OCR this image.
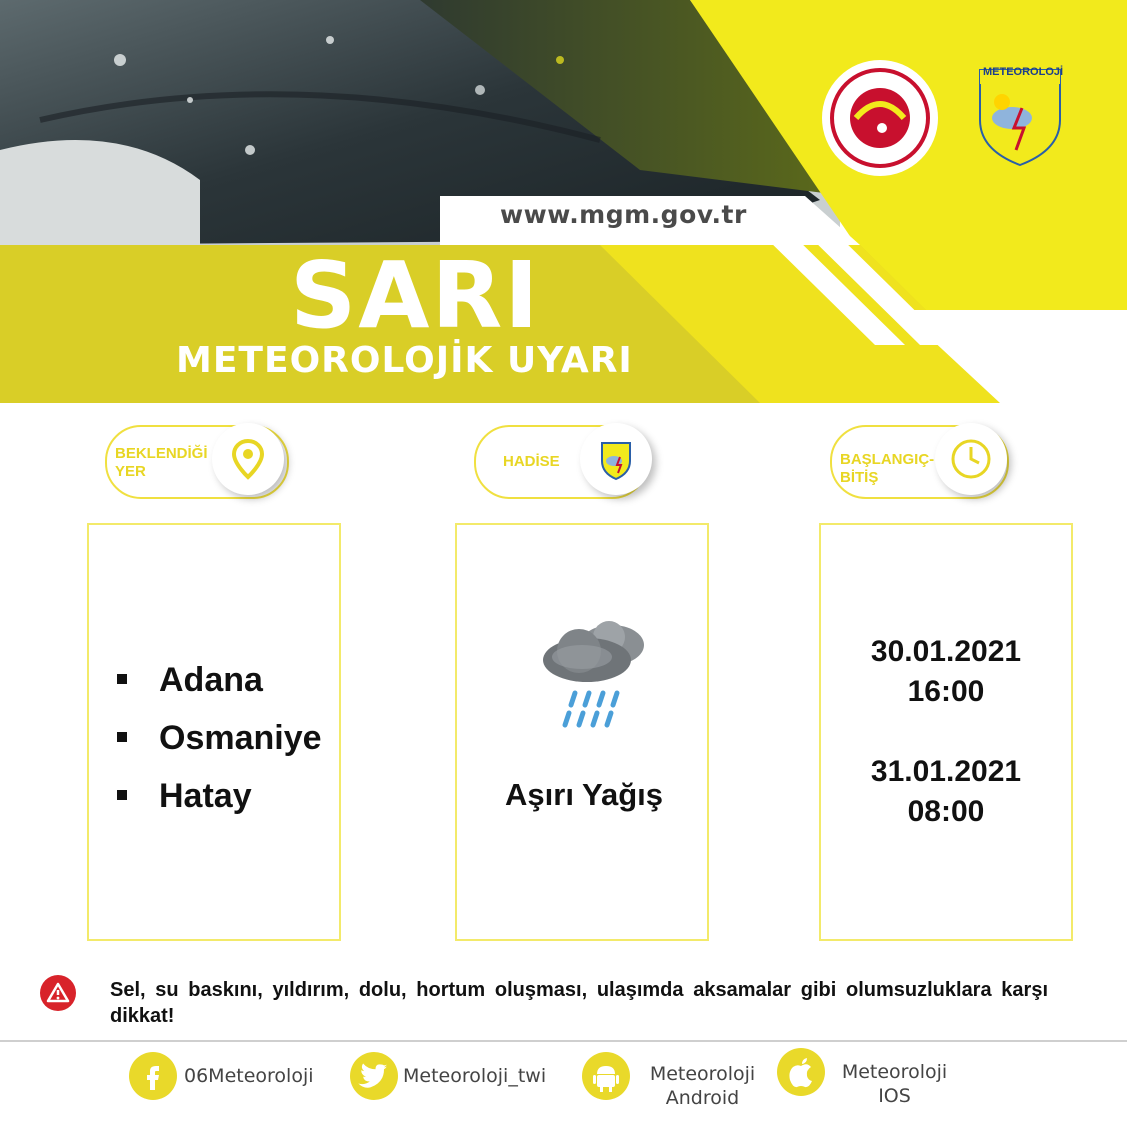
METEOROLOJİ
www.mgm.gov.tr
SARI
METEOROLOJİK UYARI
BEKLENDİĞİ YER
HADİSE	BAŞLANGIÇ-BİTİŞ
Adana
Osmaniye
Hatay	Aşırı Yağış
30.01.2021
16:00
31.01.2021
08:00
Sel, su baskını, yıldırım, dolu, hortum oluşması, ulaşımda aksamalar gibi olumsuzluklara karşı dikkat!
06Meteoroloji	Meteoroloji_twi	Meteoroloji
Android
Meteoroloji
IOS
